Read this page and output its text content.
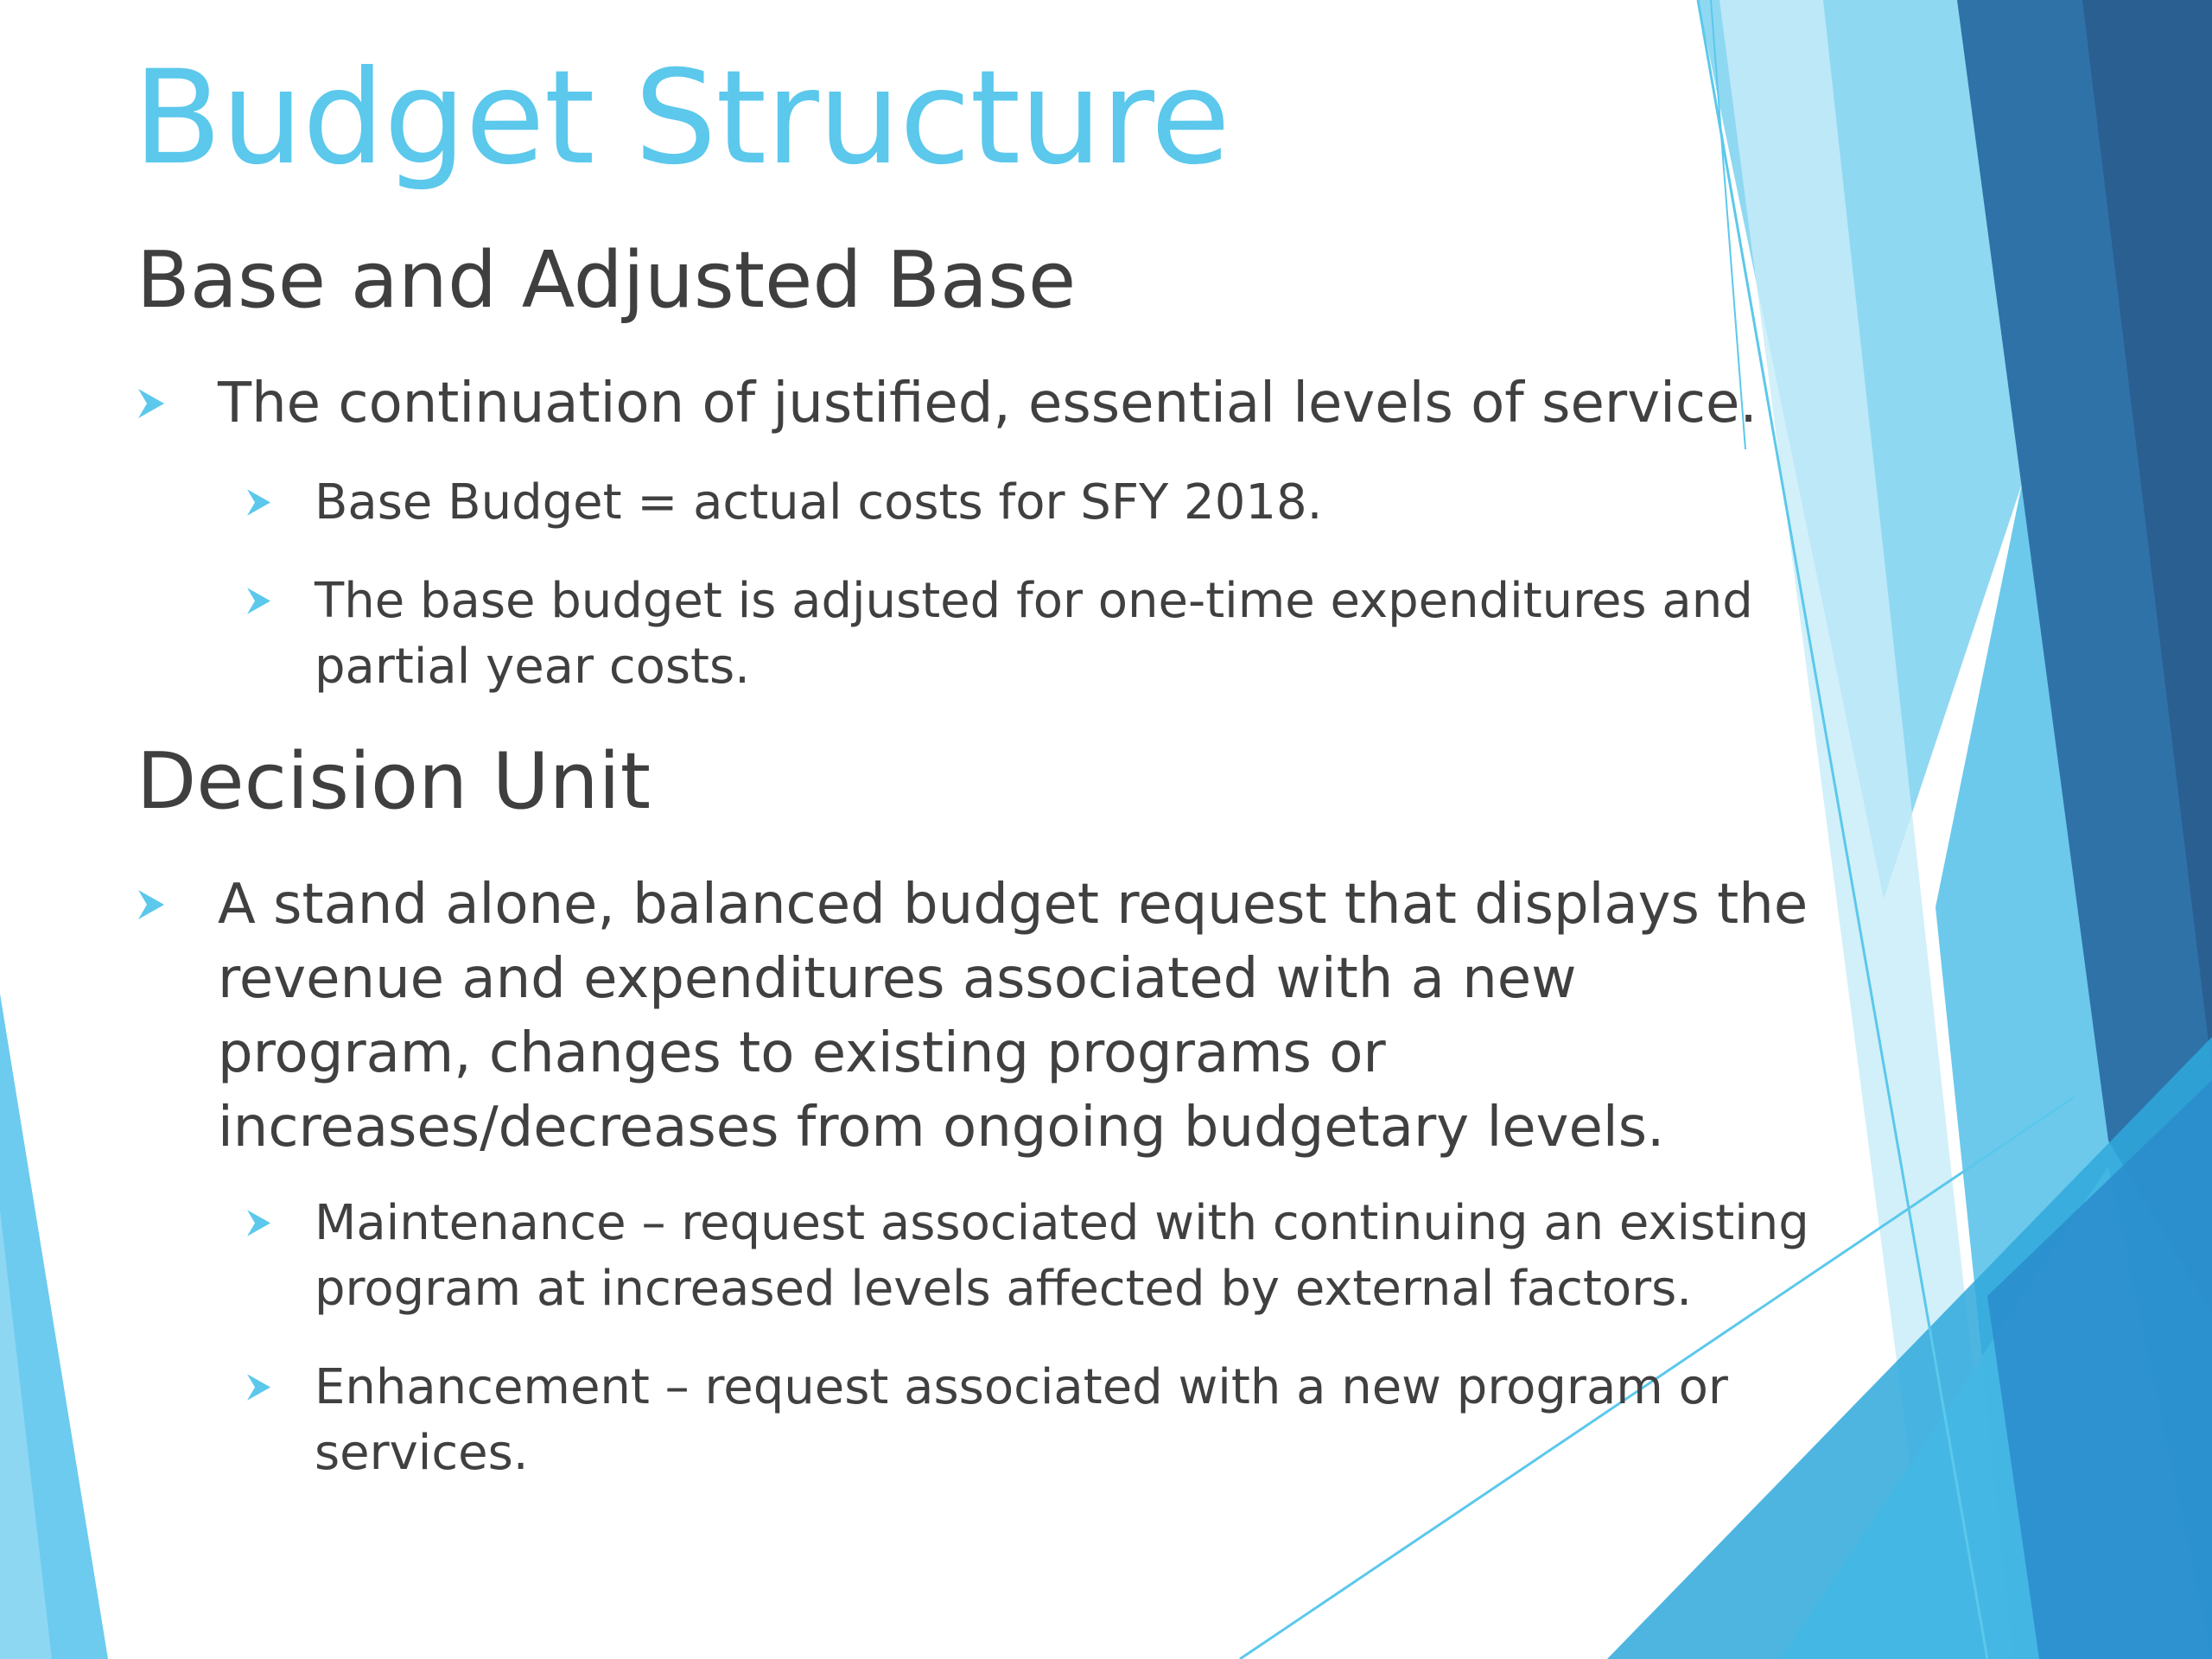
Budget Structure
Base and Adjusted Base

The continuation of justified, essential levels of service.

Base Budget = actual costs for SFY 2018.

The base budget is adjusted for one-time expenditures and partial year costs.

Decision Unit

A stand alone, balanced budget request that displays the revenue and expenditures associated with a new program, changes to existing programs or increases/decreases from ongoing budgetary levels.

Maintenance – request associated with continuing an existing program at increased levels affected by external factors.

Enhancement – request associated with a new program or services.
